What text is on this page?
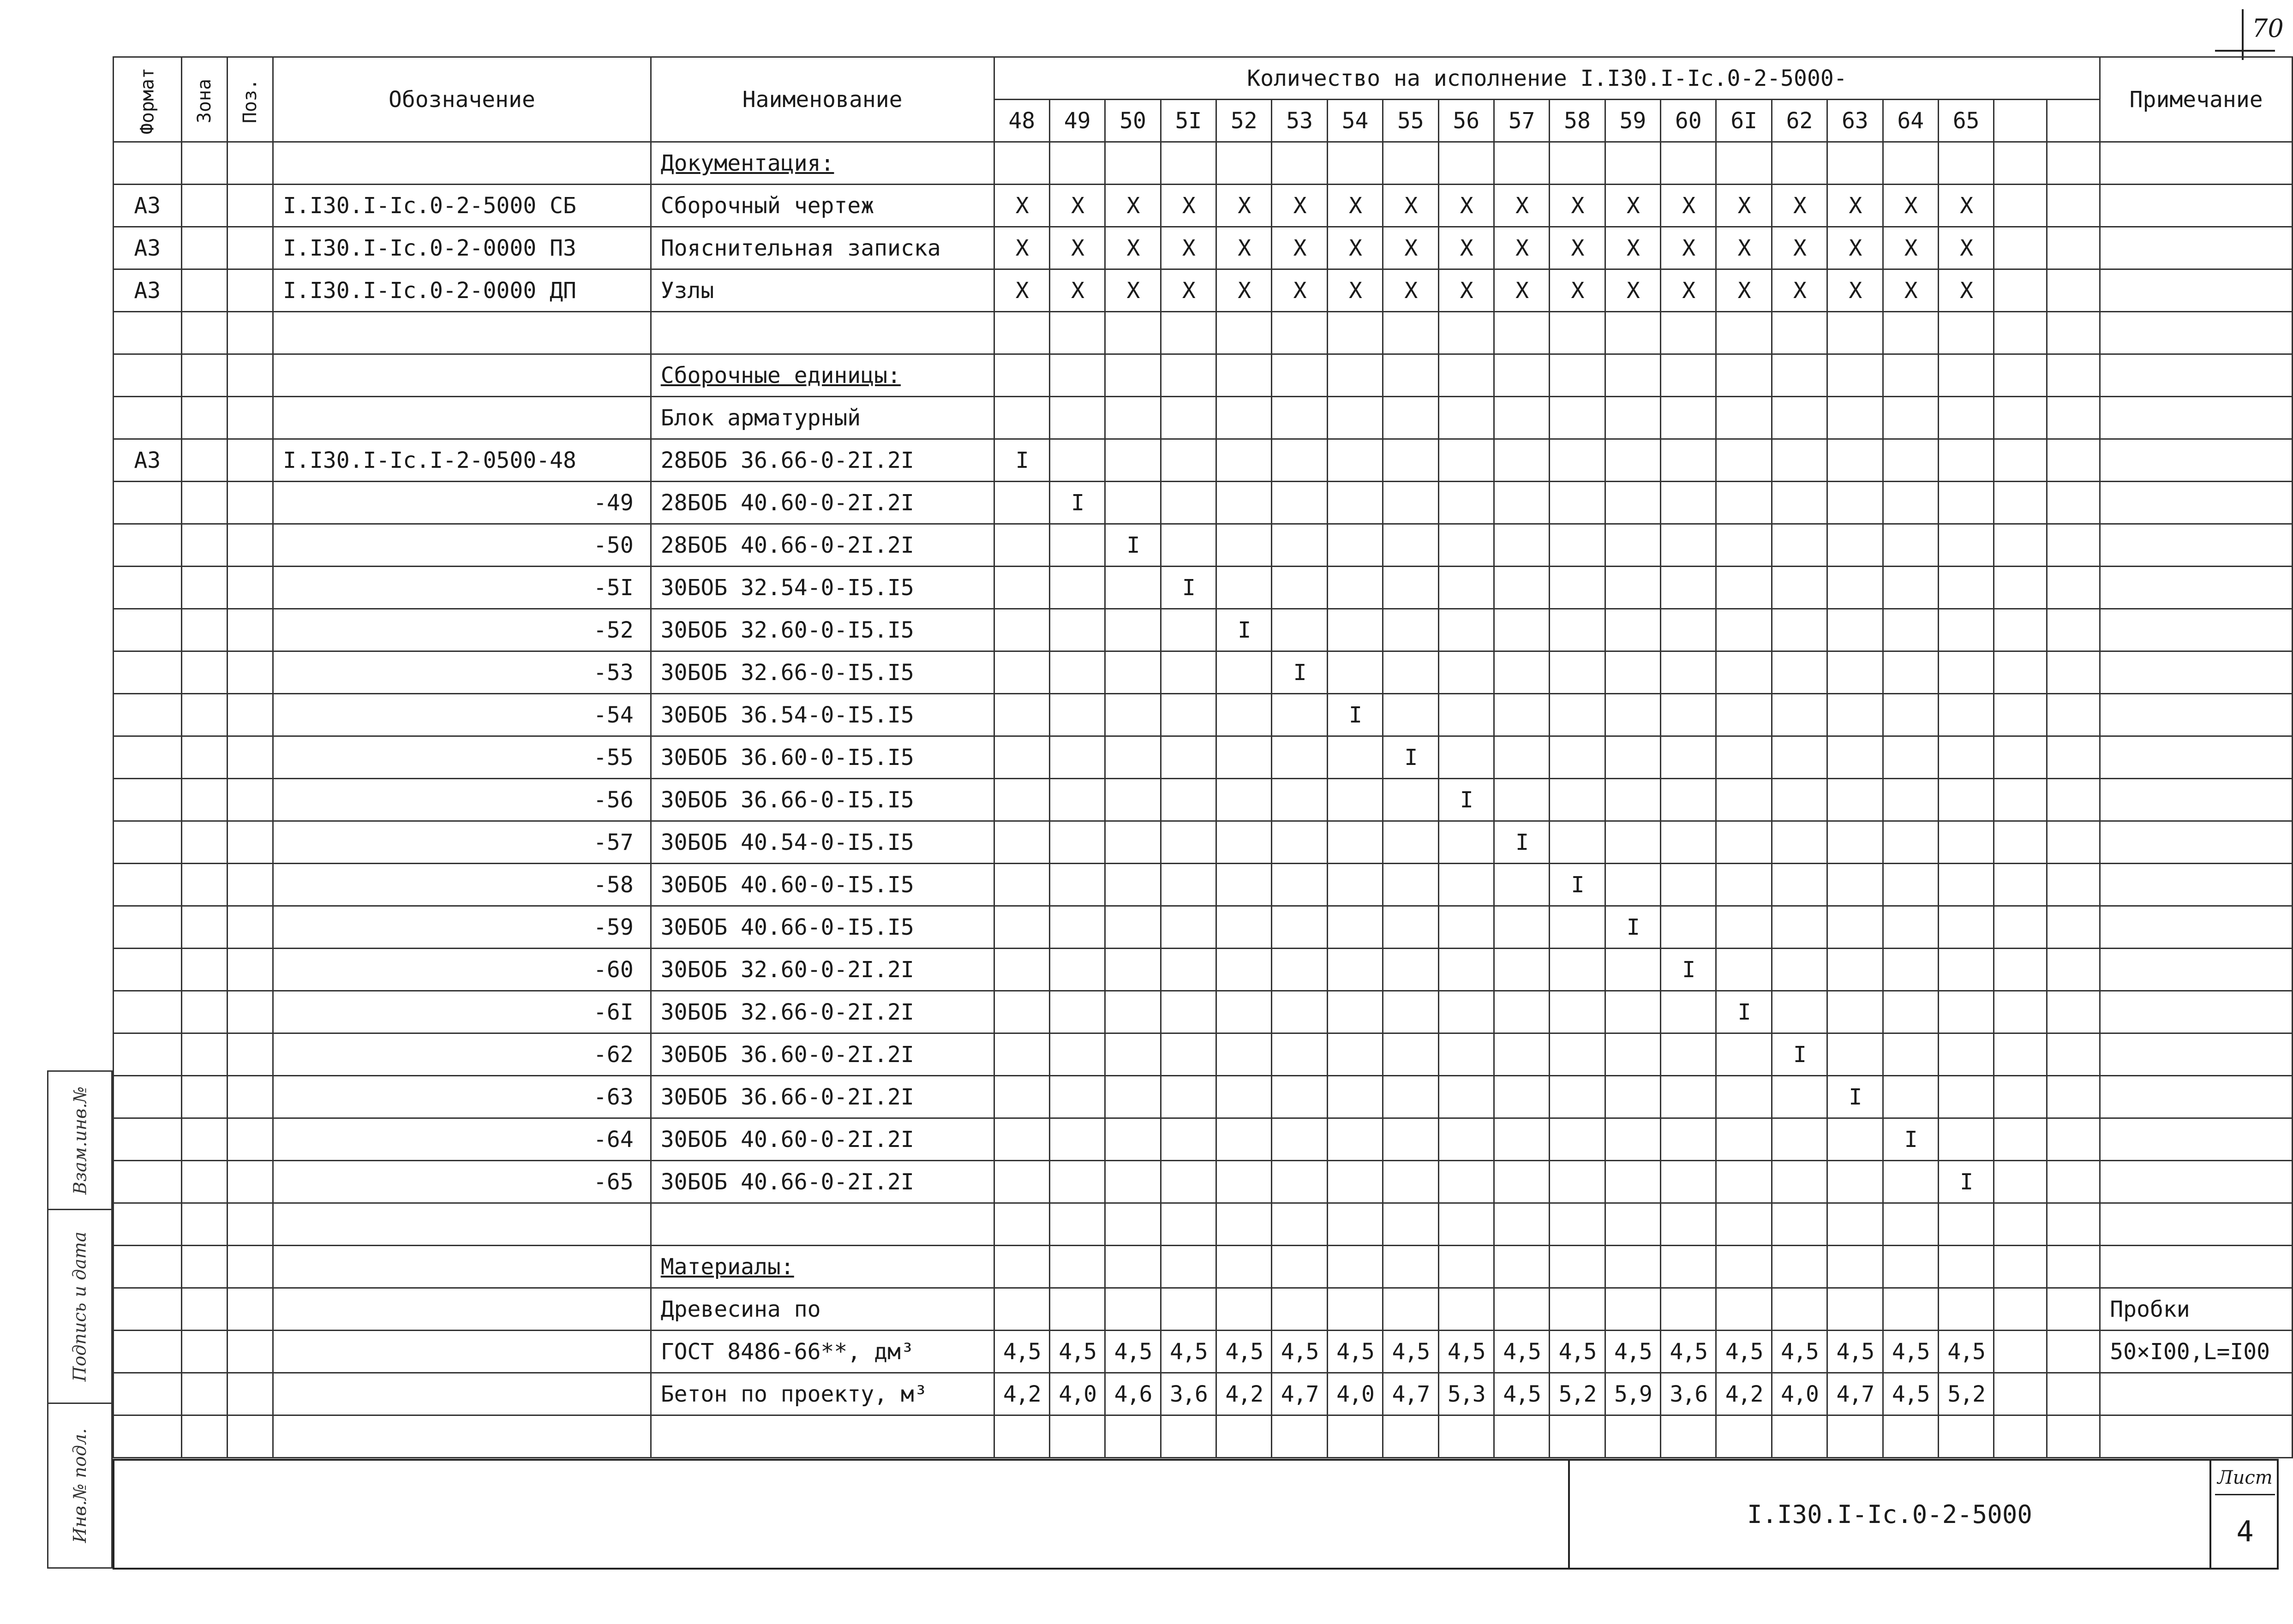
70
Формат	Зона	Поз.	Обозначение	Наименование	Количество на исполнение I.I30.I-Iс.0-2-5000-																				Примечание
					48	49	50	5I	52	53	54	55	56	57	58	59	60	6I	62	63	64	65			
				Документация:																					
А3			I.I30.I-Iс.0-2-5000 СБ	Сборочный чертеж	X	X	X	X	X	X	X	X	X	X	X	X	X	X	X	X	X	X			
А3			I.I30.I-Iс.0-2-0000 ПЗ	Пояснительная записка	X	X	X	X	X	X	X	X	X	X	X	X	X	X	X	X	X	X			
А3			I.I30.I-Iс.0-2-0000 ДП	Узлы	X	X	X	X	X	X	X	X	X	X	X	X	X	X	X	X	X	X			

				Сборочные единицы:																					
				Блок арматурный																					
А3			I.I30.I-Iс.I-2-0500-48	28БОБ 36.66-0-2I.2I	I																				
			-49	28БОБ 40.60-0-2I.2I		I																			
			-50	28БОБ 40.66-0-2I.2I			I																		
			-5I	30БОБ 32.54-0-I5.I5				I																	
			-52	30БОБ 32.60-0-I5.I5					I																
			-53	30БОБ 32.66-0-I5.I5						I															
			-54	30БОБ 36.54-0-I5.I5							I														
			-55	30БОБ 36.60-0-I5.I5								I													
			-56	30БОБ 36.66-0-I5.I5									I												
			-57	30БОБ 40.54-0-I5.I5										I											
			-58	30БОБ 40.60-0-I5.I5											I										
			-59	30БОБ 40.66-0-I5.I5												I									
			-60	30БОБ 32.60-0-2I.2I													I								
			-6I	30БОБ 32.66-0-2I.2I														I							
			-62	30БОБ 36.60-0-2I.2I															I						
			-63	30БОБ 36.66-0-2I.2I																I					
			-64	30БОБ 40.60-0-2I.2I																	I				
			-65	30БОБ 40.66-0-2I.2I																		I			

				Материалы:																					
				Древесина по																					Пробки
				ГОСТ 8486-66**, дм³	4,5	4,5	4,5	4,5	4,5	4,5	4,5	4,5	4,5	4,5	4,5	4,5	4,5	4,5	4,5	4,5	4,5	4,5			50×I00,L=I00
				Бетон по проекту, м³	4,2	4,0	4,6	3,6	4,2	4,7	4,0	4,7	5,3	4,5	5,2	5,9	3,6	4,2	4,0	4,7	4,5	5,2			

I.I30.I-Iс.0-2-5000
Лист
4
Взам.инв.№
Подпись и дата
Инв.№ подл.
